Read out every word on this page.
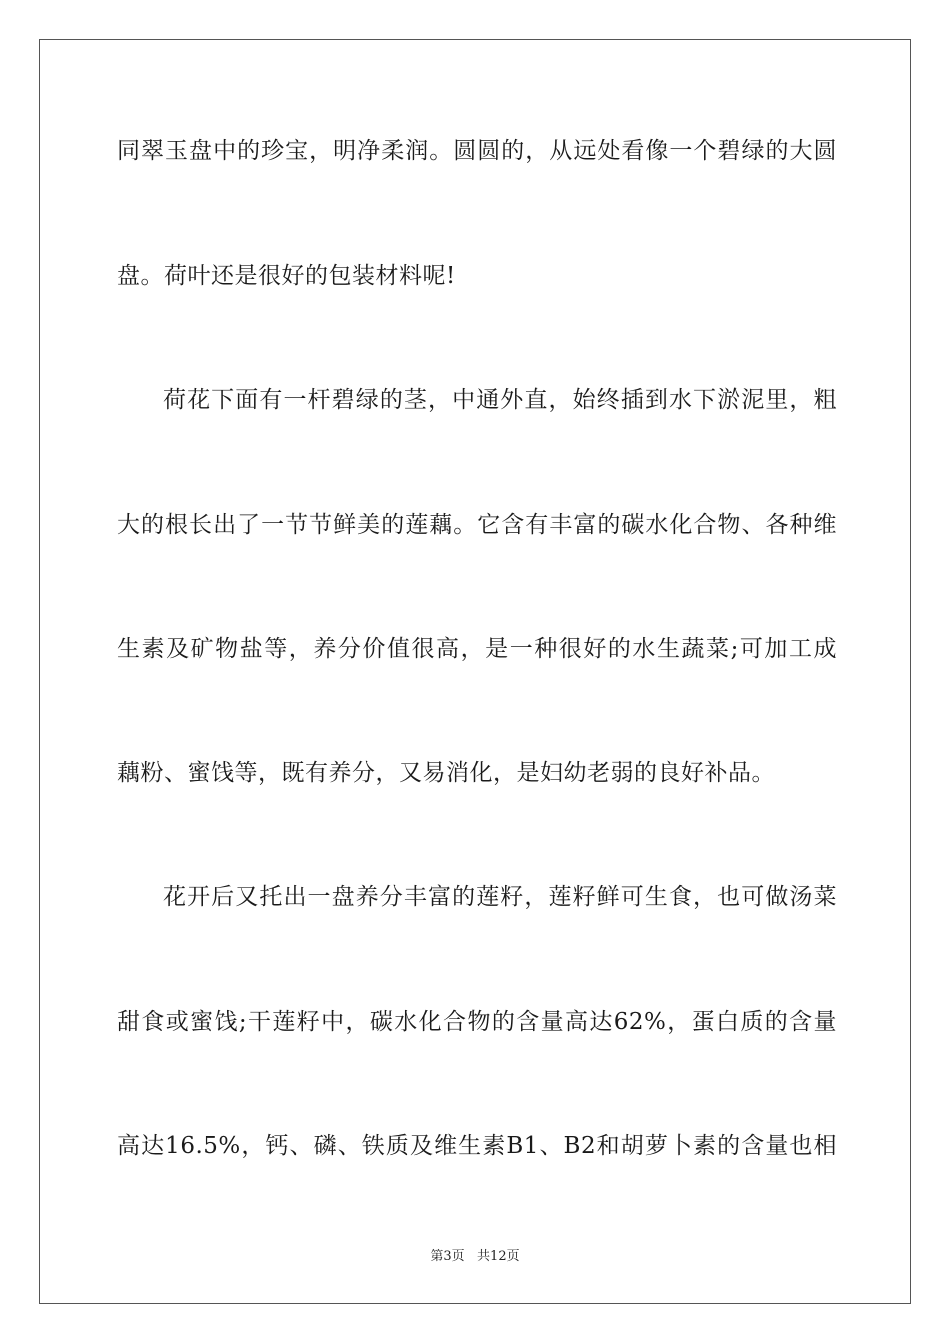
同翠玉盘中的珍宝，明净柔润。圆圆的，从远处看像一个碧绿的大圆
盘。荷叶还是很好的包装材料呢!
荷花下面有一杆碧绿的茎，中通外直，始终插到水下淤泥里，粗
大的根长出了一节节鲜美的莲藕。它含有丰富的碳水化合物、各种维
生素及矿物盐等，养分价值很高，是一种很好的水生蔬菜;可加工成
藕粉、蜜饯等，既有养分，又易消化，是妇幼老弱的良好补品。
花开后又托出一盘养分丰富的莲籽，莲籽鲜可生食，也可做汤菜
甜食或蜜饯;干莲籽中，碳水化合物的含量高达62%，蛋白质的含量
高达16.5%，钙、磷、铁质及维生素B1、B2和胡萝卜素的含量也相
第3页   共12页
